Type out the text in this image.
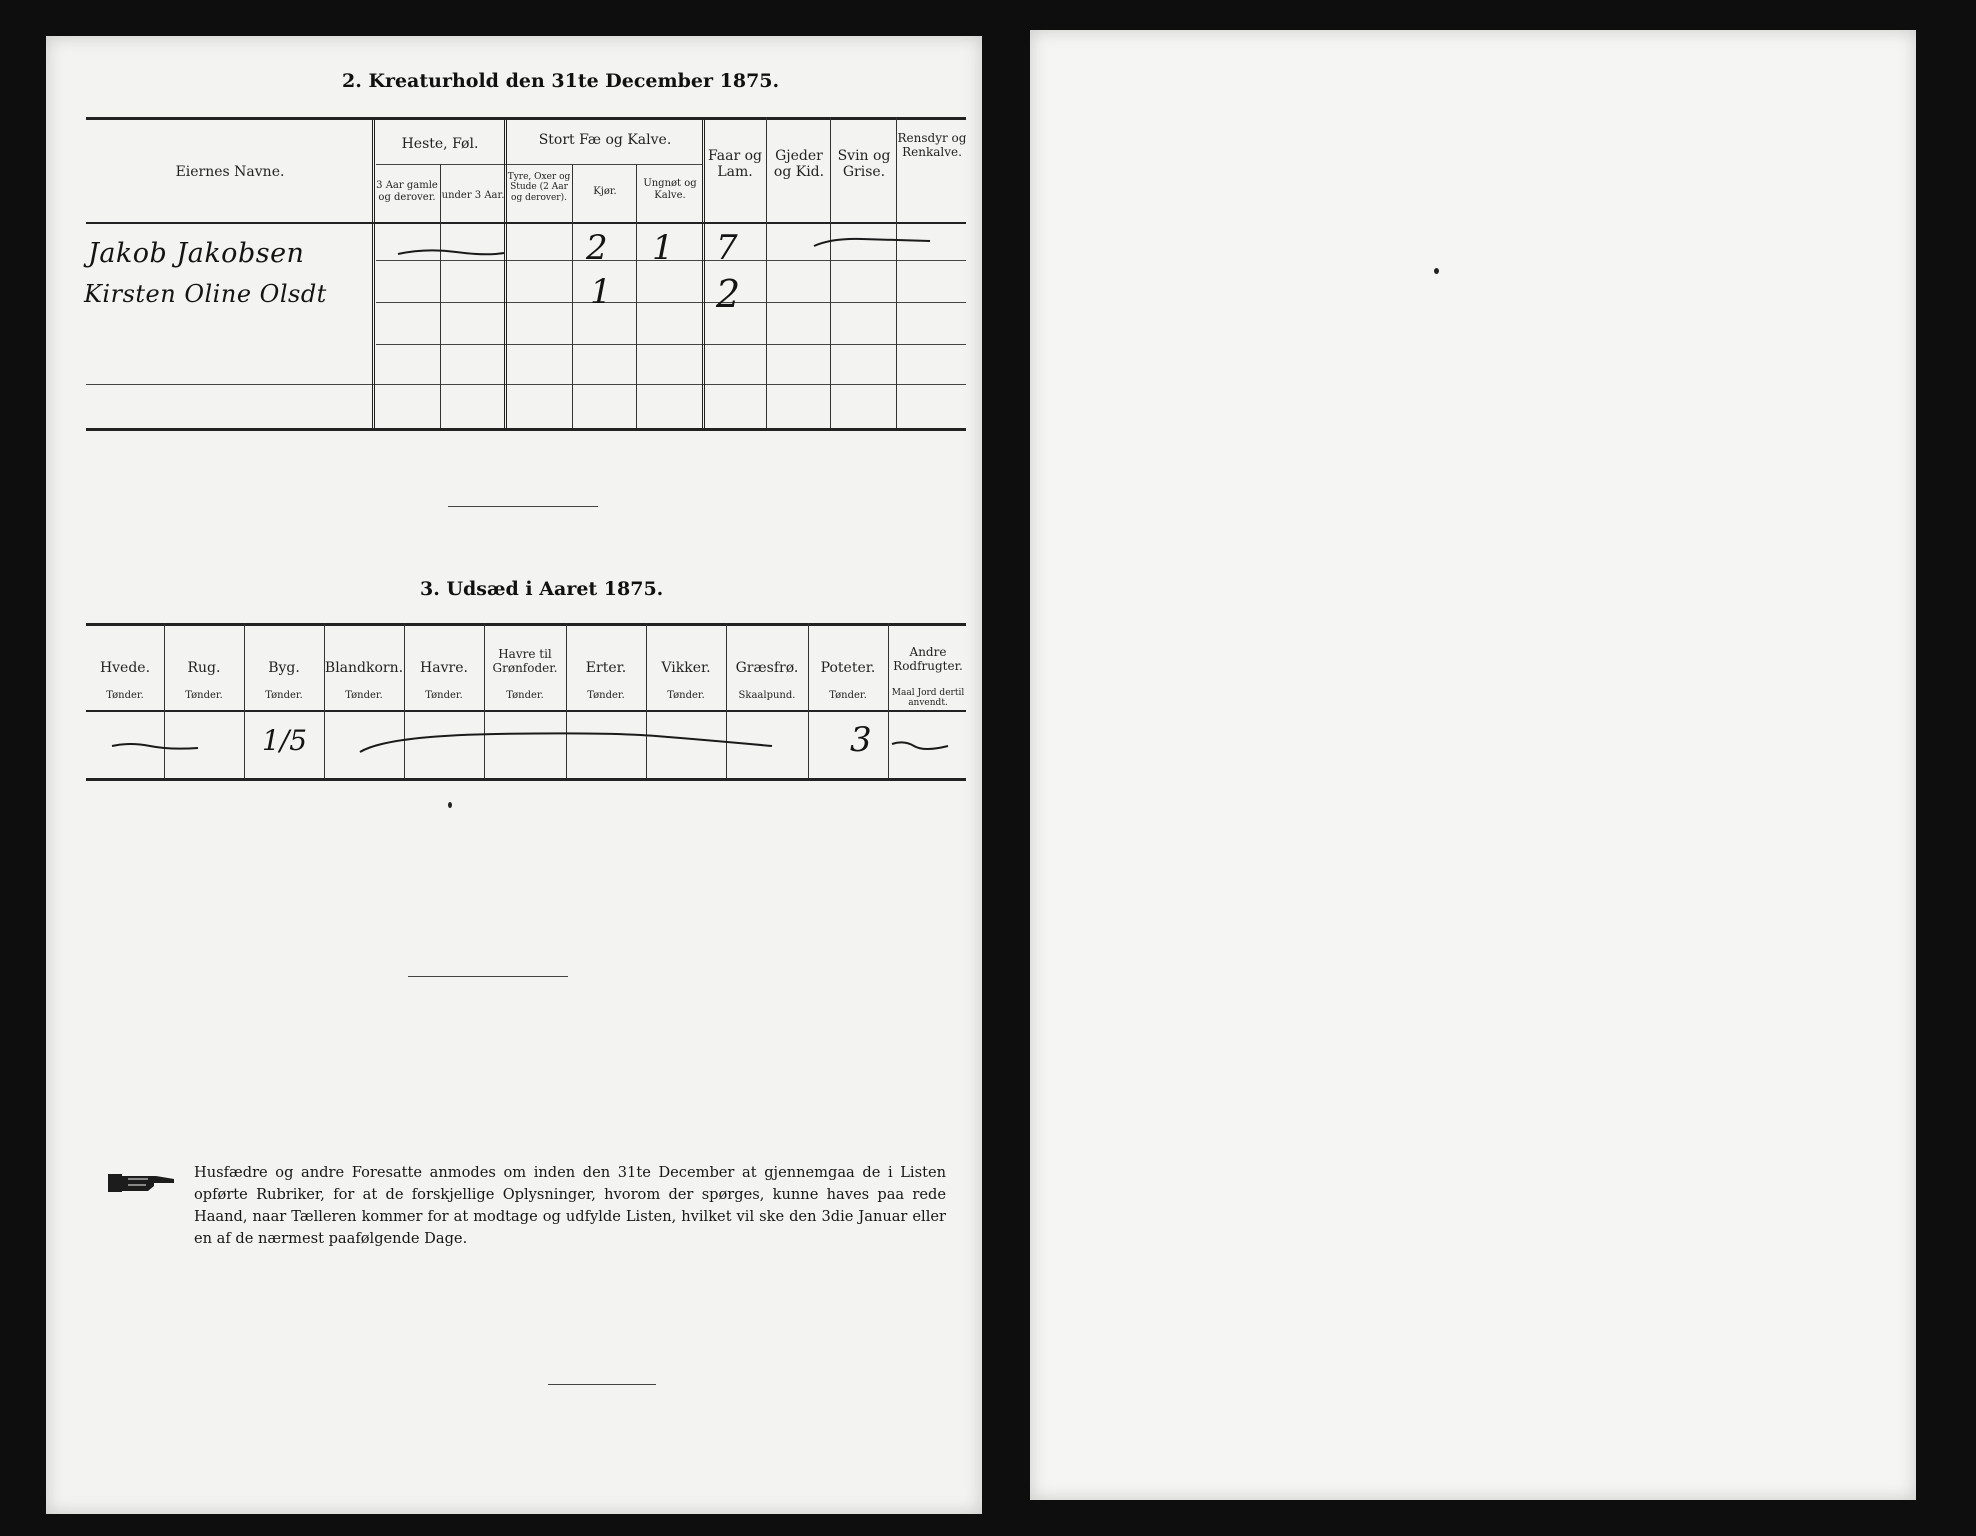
2. Kreaturhold den 31te December 1875.
Eiernes Navne.
Heste, Føl.
3 Aar gamle og derover. under 3 Aar.
Stort Fæ og Kalve.
Tyre, Oxer og Stude (2 Aar og derover).
Kjør.
Ungnøt og Kalve.
Faar og Lam.
Gjeder og Kid.
Svin og Grise.
Rensdyr og Renkalve.
Jakob Jakobsen
Kirsten Oline Olsdt
2 1 7
1	2
3. Udsæd i Aaret 1875.
Hvede.
Tønder.
Rug.
Tønder.
Byg.
Tønder.
Blandkorn.
Tønder.
Havre.
Tønder.
Havre til Grønfoder.
Tønder.
Erter.
Tønder.
Vikker.
Tønder.
Græsfrø.
Skaalpund.
Poteter.
Tønder.
Andre Rodfrugter.
Maal Jord dertil anvendt.
1/5	3
Husfædre og andre Foresatte anmodes om inden den 31te December at gjennemgaa de i Listen opførte Rubriker, for at de forskjellige Oplysninger, hvorom der spørges, kunne haves paa rede Haand, naar Tælleren kommer for at modtage og udfylde Listen, hvilket vil ske den 3die Januar eller en af de nærmest paafølgende Dage.
